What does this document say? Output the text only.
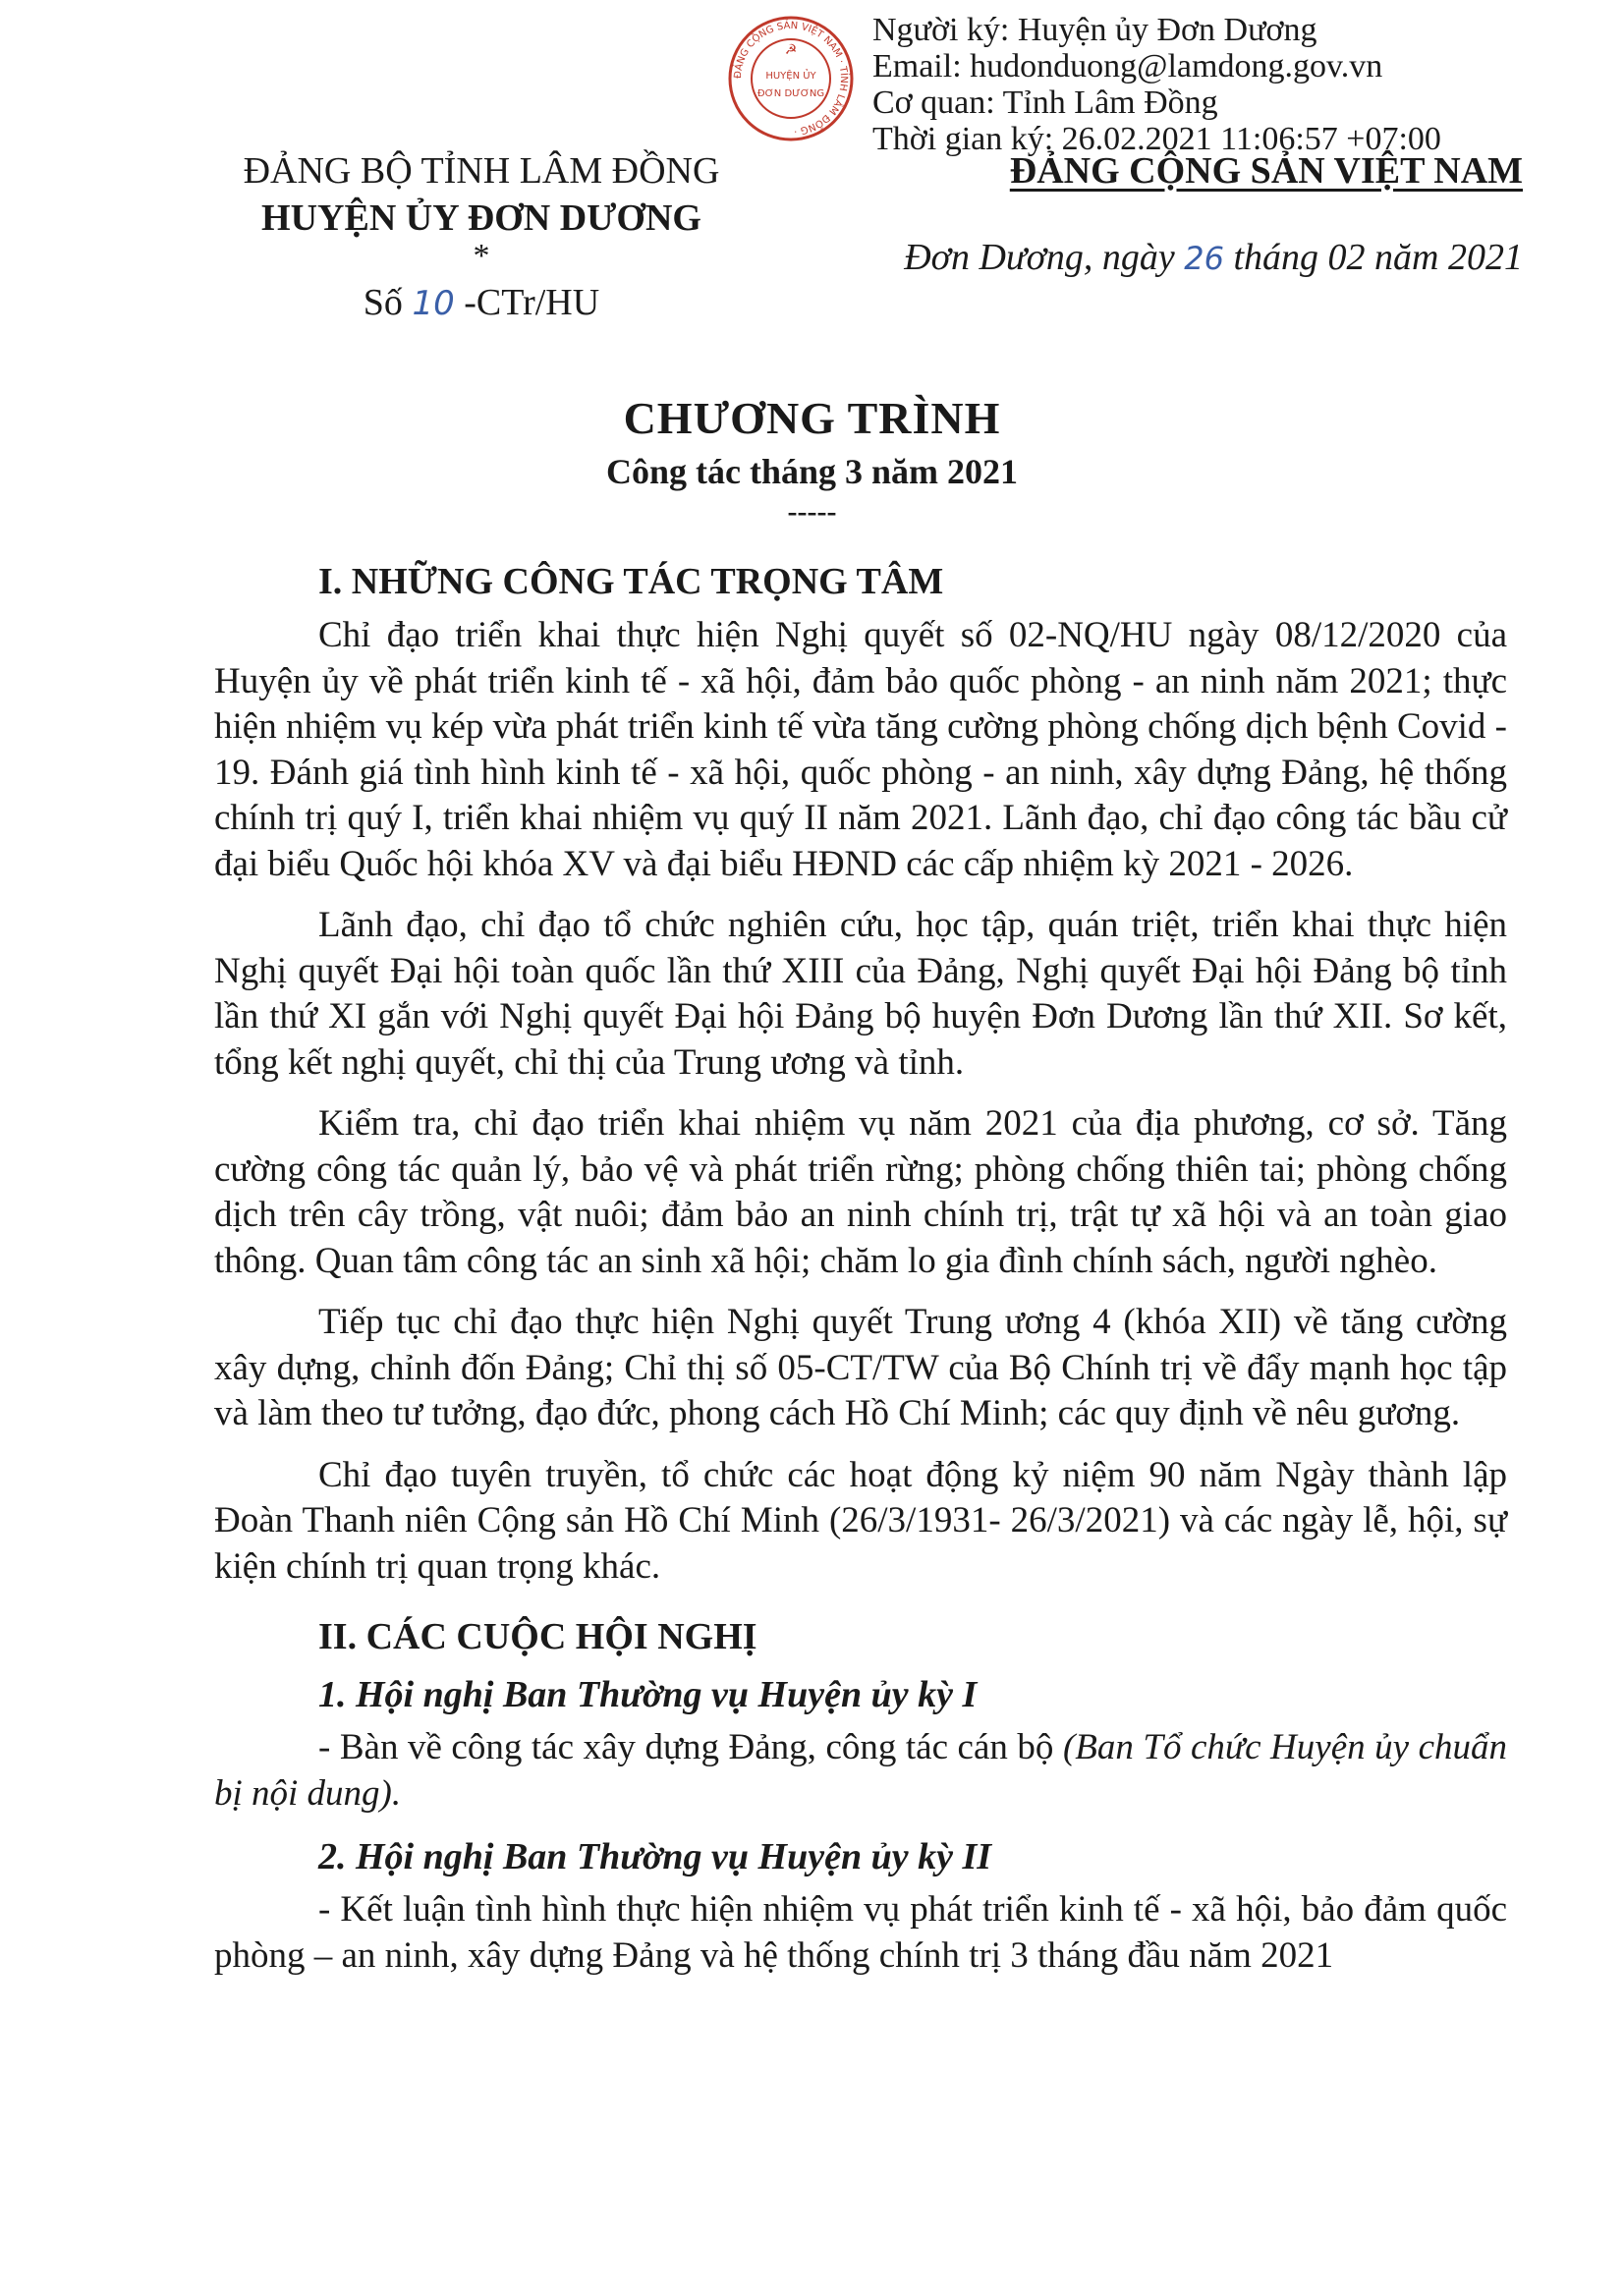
ĐẢNG CỘNG SẢN VIỆT NAM · TỈNH LÂM ĐỒNG ·
☭
HUYỆN ỦY
ĐƠN DƯƠNG
Người ký: Huyện ủy Đơn Dương
Email: hudonduong@lamdong.gov.vn
Cơ quan: Tỉnh Lâm Đồng
Thời gian ký: 26.02.2021 11:06:57 +07:00
ĐẢNG BỘ TỈNH LÂM ĐỒNG
HUYỆN ỦY ĐƠN DƯƠNG
*
Số 10 -CTr/HU
ĐẢNG CỘNG SẢN VIỆT NAM
Đơn Dương, ngày 26 tháng 02 năm 2021
CHƯƠNG TRÌNH
Công tác tháng 3 năm 2021
-----
I. NHỮNG CÔNG TÁC TRỌNG TÂM

Chỉ đạo triển khai thực hiện Nghị quyết số 02-NQ/HU ngày 08/12/2020 của Huyện ủy về phát triển kinh tế - xã hội, đảm bảo quốc phòng - an ninh năm 2021; thực hiện nhiệm vụ kép vừa phát triển kinh tế vừa tăng cường phòng chống dịch bệnh Covid - 19. Đánh giá tình hình kinh tế - xã hội, quốc phòng - an ninh, xây dựng Đảng, hệ thống chính trị quý I, triển khai nhiệm vụ quý II năm 2021. Lãnh đạo, chỉ đạo công tác bầu cử đại biểu Quốc hội khóa XV và đại biểu HĐND các cấp nhiệm kỳ 2021 - 2026.

Lãnh đạo, chỉ đạo tổ chức nghiên cứu, học tập, quán triệt, triển khai thực hiện Nghị quyết Đại hội toàn quốc lần thứ XIII của Đảng, Nghị quyết Đại hội Đảng bộ tỉnh lần thứ XI gắn với Nghị quyết Đại hội Đảng bộ huyện Đơn Dương lần thứ XII. Sơ kết, tổng kết nghị quyết, chỉ thị của Trung ương và tỉnh.

Kiểm tra, chỉ đạo triển khai nhiệm vụ năm 2021 của địa phương, cơ sở. Tăng cường công tác quản lý, bảo vệ và phát triển rừng; phòng chống thiên tai; phòng chống dịch trên cây trồng, vật nuôi; đảm bảo an ninh chính trị, trật tự xã hội và an toàn giao thông. Quan tâm công tác an sinh xã hội; chăm lo gia đình chính sách, người nghèo.

Tiếp tục chỉ đạo thực hiện Nghị quyết Trung ương 4 (khóa XII) về tăng cường xây dựng, chỉnh đốn Đảng; Chỉ thị số 05-CT/TW của Bộ Chính trị về đẩy mạnh học tập và làm theo tư tưởng, đạo đức, phong cách Hồ Chí Minh; các quy định về nêu gương.

Chỉ đạo tuyên truyền, tổ chức các hoạt động kỷ niệm 90 năm Ngày thành lập Đoàn Thanh niên Cộng sản Hồ Chí Minh (26/3/1931- 26/3/2021) và các ngày lễ, hội, sự kiện chính trị quan trọng khác.

II. CÁC CUỘC HỘI NGHỊ
1. Hội nghị Ban Thường vụ Huyện ủy kỳ I

- Bàn về công tác xây dựng Đảng, công tác cán bộ (Ban Tổ chức Huyện ủy chuẩn bị nội dung).

2. Hội nghị Ban Thường vụ Huyện ủy kỳ II

- Kết luận tình hình thực hiện nhiệm vụ phát triển kinh tế - xã hội, bảo đảm quốc phòng – an ninh, xây dựng Đảng và hệ thống chính trị 3 tháng đầu năm 2021
